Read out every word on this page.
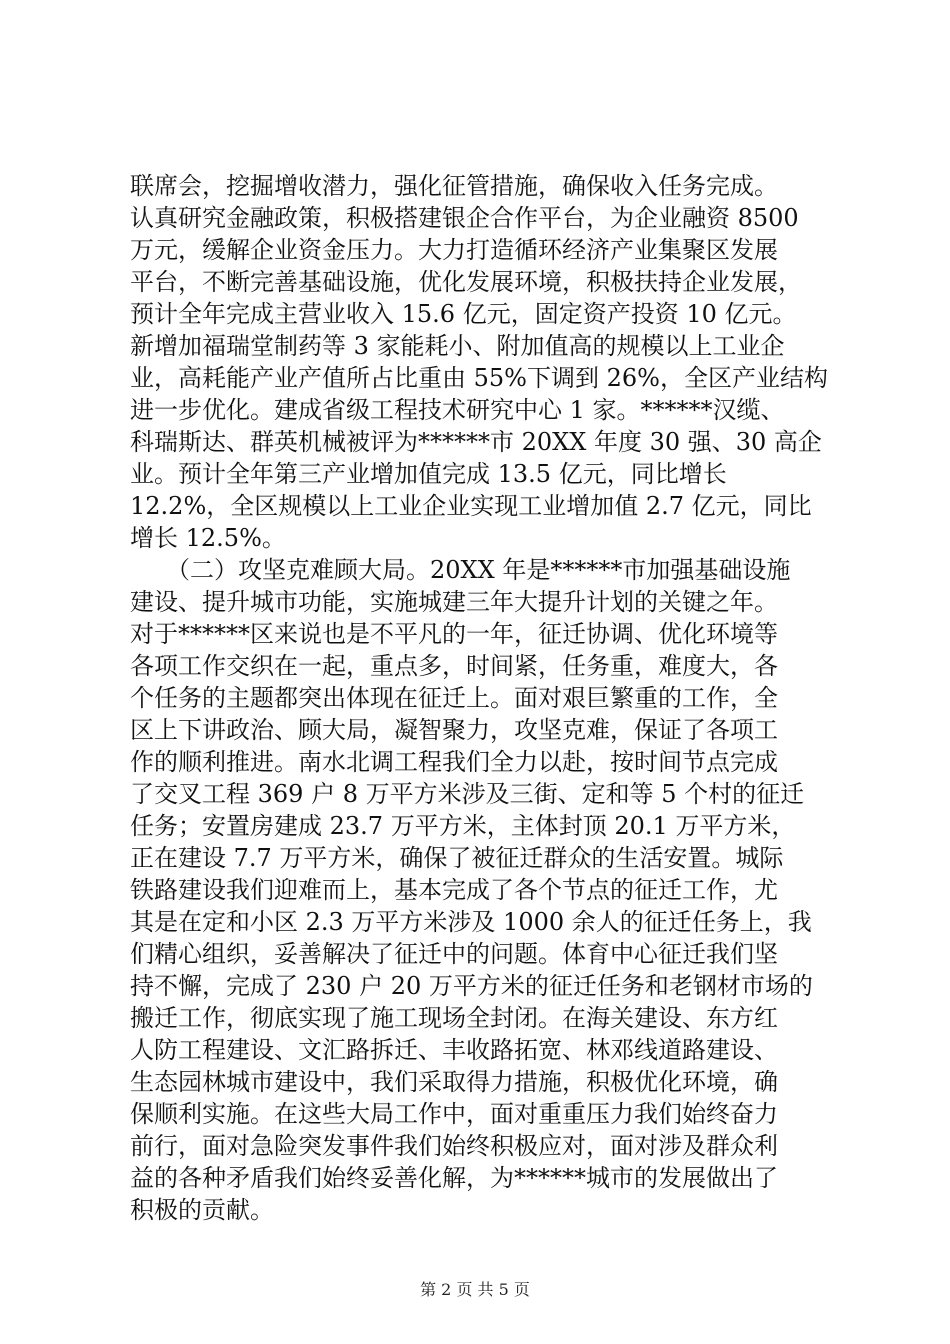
联席会，挖掘增收潜力，强化征管措施，确保收入任务完成。
认真研究金融政策，积极搭建银企合作平台，为企业融资 8500
万元，缓解企业资金压力。大力打造循环经济产业集聚区发展
平台，不断完善基础设施，优化发展环境，积极扶持企业发展，
预计全年完成主营业收入 15.6 亿元，固定资产投资 10 亿元。
新增加福瑞堂制药等 3 家能耗小、附加值高的规模以上工业企
业，高耗能产业产值所占比重由 55%下调到 26%，全区产业结构
进一步优化。建成省级工程技术研究中心 1 家。******汉缆、
科瑞斯达、群英机械被评为******市 20XX 年度 30 强、30 高企
业。预计全年第三产业增加值完成 13.5 亿元，同比增长
12.2%，全区规模以上工业企业实现工业增加值 2.7 亿元，同比
增长 12.5%。
　　（二）攻坚克难顾大局。20XX 年是******市加强基础设施
建设、提升城市功能，实施城建三年大提升计划的关键之年。
对于******区来说也是不平凡的一年，征迁协调、优化环境等
各项工作交织在一起，重点多，时间紧，任务重，难度大，各
个任务的主题都突出体现在征迁上。面对艰巨繁重的工作，全
区上下讲政治、顾大局，凝智聚力，攻坚克难，保证了各项工
作的顺利推进。南水北调工程我们全力以赴，按时间节点完成
了交叉工程 369 户 8 万平方米涉及三街、定和等 5 个村的征迁
任务；安置房建成 23.7 万平方米，主体封顶 20.1 万平方米，
正在建设 7.7 万平方米，确保了被征迁群众的生活安置。城际
铁路建设我们迎难而上，基本完成了各个节点的征迁工作，尤
其是在定和小区 2.3 万平方米涉及 1000 余人的征迁任务上，我
们精心组织，妥善解决了征迁中的问题。体育中心征迁我们坚
持不懈，完成了 230 户 20 万平方米的征迁任务和老钢材市场的
搬迁工作，彻底实现了施工现场全封闭。在海关建设、东方红
人防工程建设、文汇路拆迁、丰收路拓宽、林邓线道路建设、
生态园林城市建设中，我们采取得力措施，积极优化环境，确
保顺利实施。在这些大局工作中，面对重重压力我们始终奋力
前行，面对急险突发事件我们始终积极应对，面对涉及群众利
益的各种矛盾我们始终妥善化解，为******城市的发展做出了
积极的贡献。
第 2 页 共 5 页
